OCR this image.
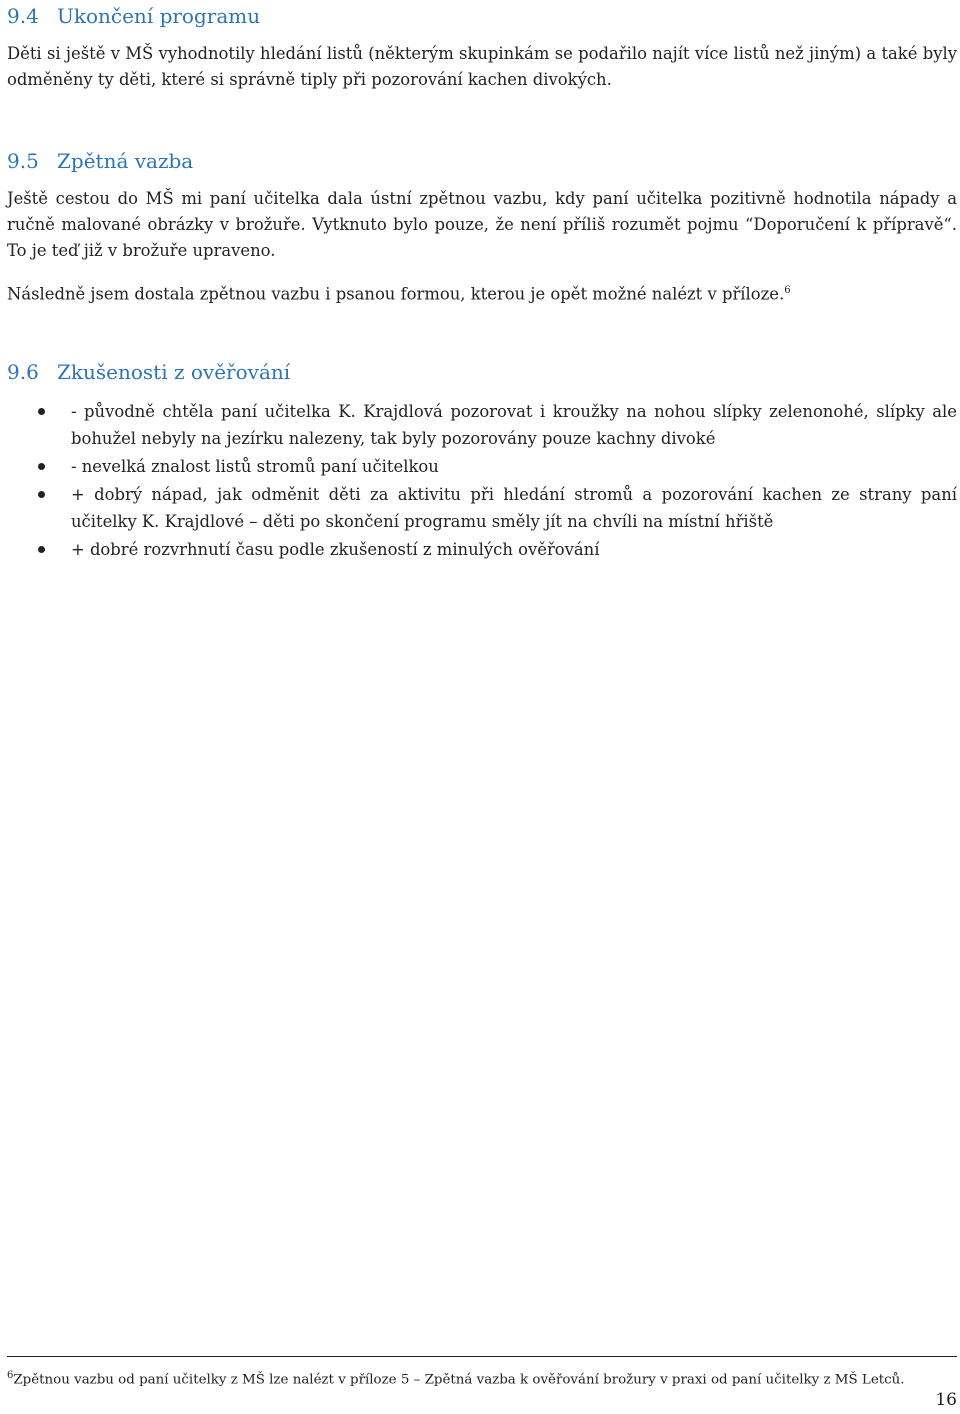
9.4 Ukončení programu

Děti si ještě v MŠ vyhodnotily hledání listů (některým skupinkám se podařilo najít více listů než jiným) a také byly odměněny ty děti, které si správně tiply při pozorování kachen divokých.

9.5 Zpětná vazba

Ještě cestou do MŠ mi paní učitelka dala ústní zpětnou vazbu, kdy paní učitelka pozitivně hodnotila nápady a ručně malované obrázky v brožuře. Vytknuto bylo pouze, že není příliš rozumět pojmu “Doporučení k přípravě“. To je teď již v brožuře upraveno.

Následně jsem dostala zpětnou vazbu i psanou formou, kterou je opět možné nalézt v příloze.$^6$

9.6 Zkušenosti z ověřování
- původně chtěla paní učitelka K. Krajdlová pozorovat i kroužky na nohou slípky zelenonohé, slípky ale bohužel nebyly na jezírku nalezeny, tak byly pozorovány pouze kachny divoké
- nevelká znalost listů stromů paní učitelkou
+ dobrý nápad, jak odměnit děti za aktivitu při hledání stromů a pozorování kachen ze strany paní učitelky K. Krajdlové – děti po skončení programu směly jít na chvíli na místní hřiště
+ dobré rozvrhnutí času podle zkušeností z minulých ověřování

$^6$Zpětnou vazbu od paní učitelky z MŠ lze nalézt v příloze 5 – Zpětná vazba k ověřování brožury v praxi od paní učitelky z MŠ Letců.

16
